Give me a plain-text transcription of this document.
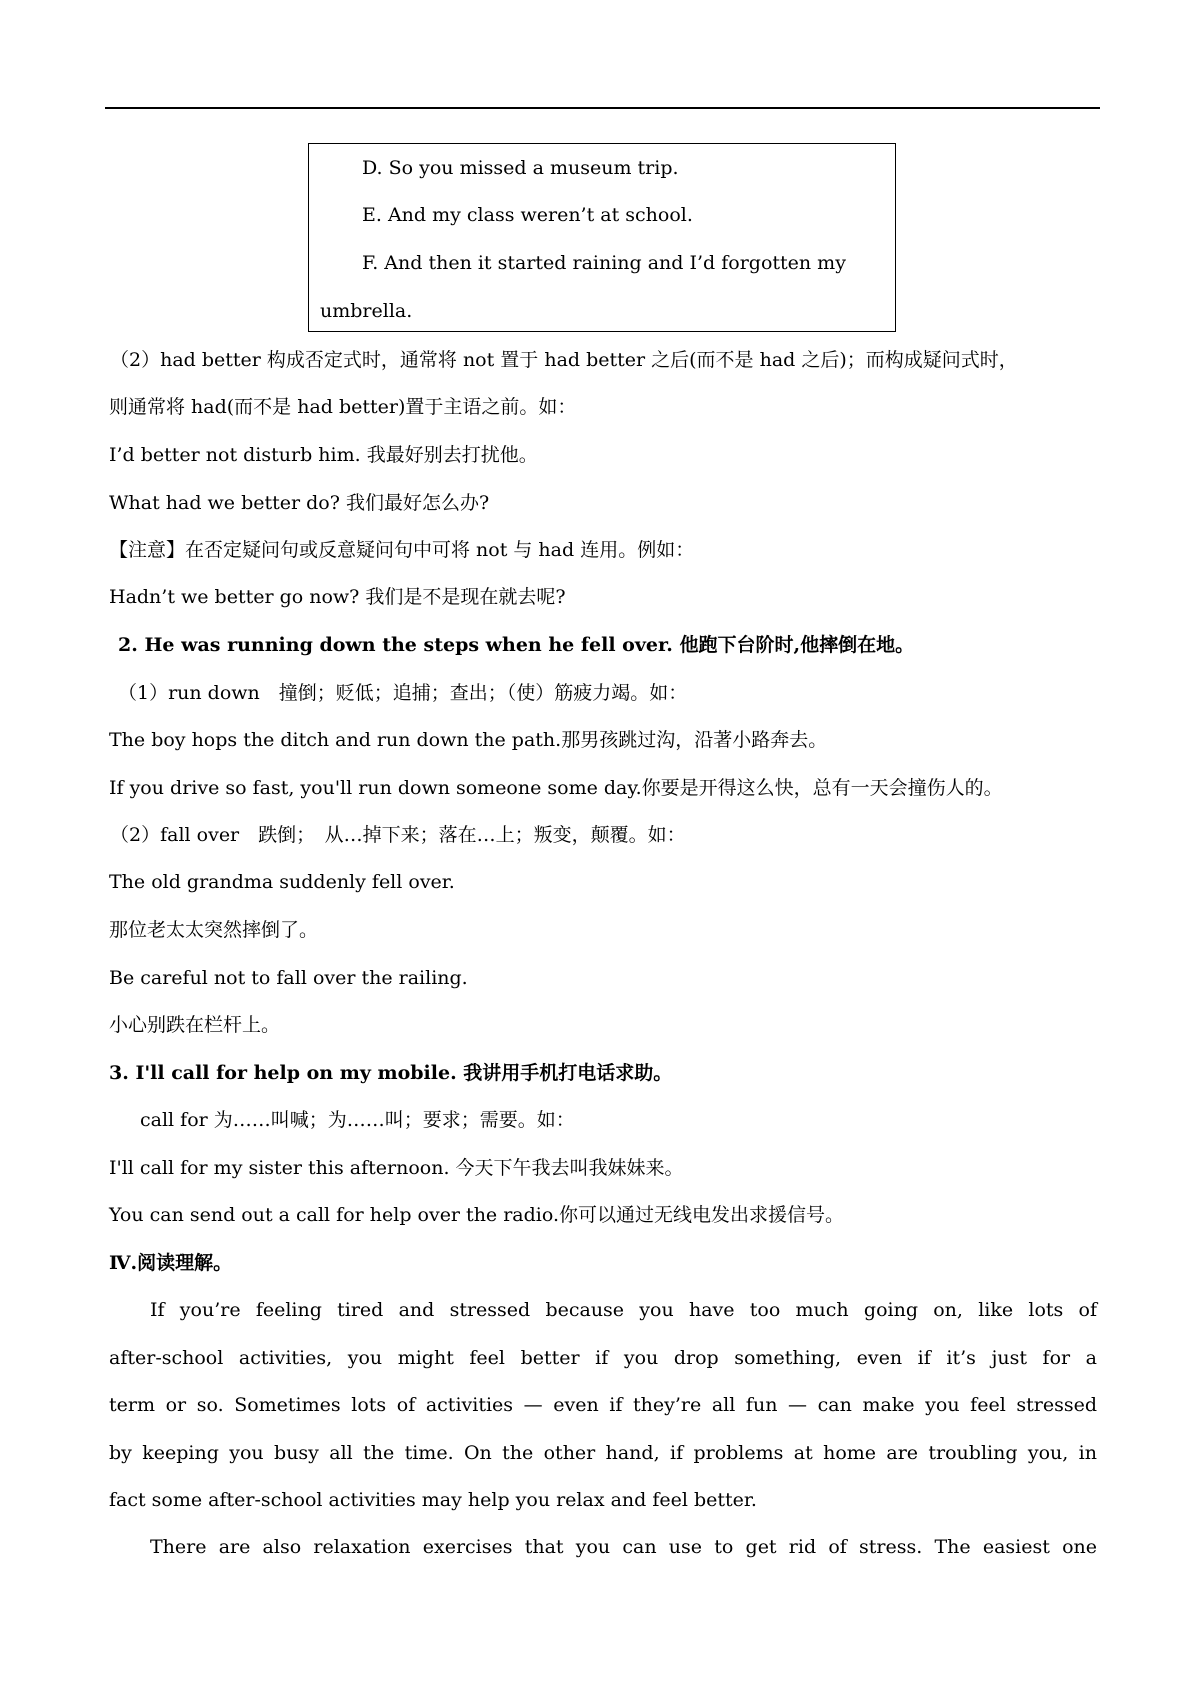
D. So you missed a museum trip.
E. And my class weren’t at school.
F. And then it started raining and I’d forgotten my
umbrella.
（2）had better 构成否定式时，通常将 not 置于 had better 之后(而不是 had 之后)；而构成疑问式时，
则通常将 had(而不是 had better)置于主语之前。如：
I’d better not disturb him. 我最好别去打扰他。
What had we better do? 我们最好怎么办?
【注意】在否定疑问句或反意疑问句中可将 not 与 had 连用。例如：
Hadn’t we better go now? 我们是不是现在就去呢?
2. He was running down the steps when he fell over. 他跑下台阶时,他摔倒在地。
（1）run down　撞倒；贬低；追捕；查出；（使）筋疲力竭。如：
The boy hops the ditch and run down the path.那男孩跳过沟，沿著小路奔去。
If you drive so fast, you'll run down someone some day.你要是开得这么快，总有一天会撞伤人的。
（2）fall over　跌倒；　从…掉下来；落在…上；叛变，颠覆。如：
The old grandma suddenly fell over.
那位老太太突然摔倒了。
Be careful not to fall over the railing.
小心别跌在栏杆上。
3. I'll call for help on my mobile. 我讲用手机打电话求助。
call for 为……叫喊；为……叫；要求；需要。如：
I'll call for my sister this afternoon. 今天下午我去叫我妹妹来。
You can send out a call for help over the radio.你可以通过无线电发出求援信号。
Ⅳ.阅读理解。
If you’re feeling tired and stressed because you have too much going on, like lots of
after-school activities, you might feel better if you drop something, even if it’s just for a
term or so. Sometimes lots of activities — even if they’re all fun — can make you feel stressed
by keeping you busy all the time. On the other hand, if problems at home are troubling you, in
fact some after-school activities may help you relax and feel better.
There are also relaxation exercises that you can use to get rid of stress. The easiest one
